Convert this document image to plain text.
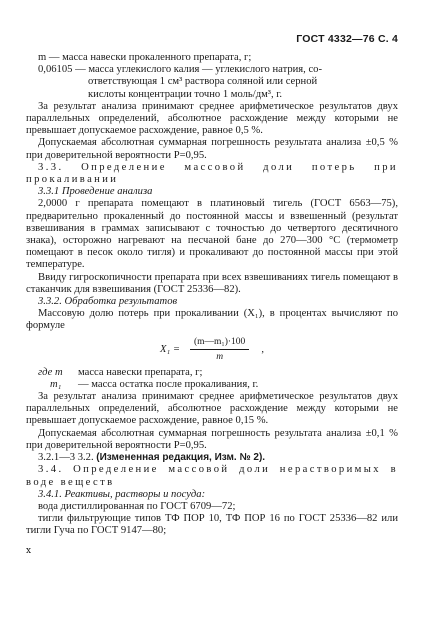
ГОСТ 4332—76 С. 4

m — масса навески прокаленного препарата, г;

0,06105 — масса углекислого калия — углекислого натрия, со-

ответствующая 1 см³ раствора соляной или серной

кислоты концентрации точно 1 моль/дм³, г.

За результат анализа принимают среднее арифметическое результатов двух параллельных определений, абсолютное расхождение между которыми не превышает допускаемое расхождение, равное 0,5 %.

Допускаемая абсолютная суммарная погрешность результата анализа ±0,5 % при доверительной вероятности P=0,95.

3.3. Определение массовой доли потерь при прокаливании

3.3.1 Проведение анализа

2,0000 г препарата помещают в платиновый тигель (ГОСТ 6563—75), предварительно прокаленный до постоянной массы и взвешенный (результат взвешивания в граммах записывают с точностью до четвертого десятичного знака), осторожно нагревают на песчаной бане до 270—300 °С (термометр помещают в песок около тигля) и прокаливают до постоянной массы при этой температуре.

Ввиду гигроскопичности препарата при всех взвешиваниях тигель помещают в стаканчик для взвешивания (ГОСТ 25336—82).

3.3.2. Обработка результатов

Массовую долю потерь при прокаливании (X₁), в процентах вычисляют по формуле

$X_1 = \frac{\text{(m—m₁)·100}}{m}$ ,
где m	масса навески препарата, г;
m₁	— масса остатка после прокаливания, г.

За результат анализа принимают среднее арифметическое результатов двух параллельных определений, абсолютное расхождение между которыми не превышает допускаемое расхождение, равное 0,15 %.

Допускаемая абсолютная суммарная погрешность результата анализа ±0,1 % при доверительной вероятности P=0,95.

3.2.1—3 3.2. (Измененная редакция, Изм. № 2).

3.4. Определение массовой доли нерастворимых в воде веществ

3.4.1. Реактивы, растворы и посуда:

вода дистиллированная по ГОСТ 6709—72;

тигли фильтрующие типов ТФ ПОР 10, ТФ ПОР 16 по ГОСТ 25336—82 или тигли Гуча по ГОСТ 9147—80;

ⅹ
